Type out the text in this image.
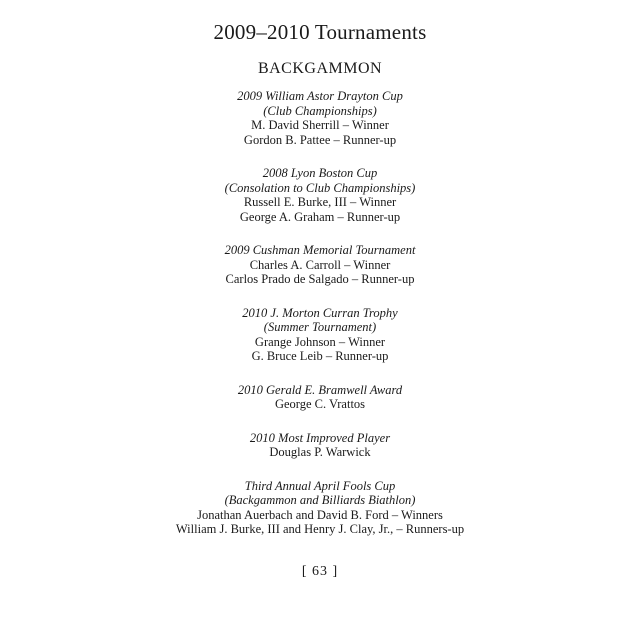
2009–2010 Tournaments
BACKGAMMON
2009 William Astor Drayton Cup
(Club Championships)
M. David Sherrill – Winner
Gordon B. Pattee – Runner-up
2008 Lyon Boston Cup
(Consolation to Club Championships)
Russell E. Burke, III – Winner
George A. Graham – Runner-up
2009 Cushman Memorial Tournament
Charles A. Carroll – Winner
Carlos Prado de Salgado – Runner-up
2010 J. Morton Curran Trophy
(Summer Tournament)
Grange Johnson – Winner
G. Bruce Leib – Runner-up
2010 Gerald E. Bramwell Award
George C. Vrattos
2010 Most Improved Player
Douglas P. Warwick
Third Annual April Fools Cup
(Backgammon and Billiards Biathlon)
Jonathan Auerbach and David B. Ford – Winners
William J. Burke, III and Henry J. Clay, Jr., – Runners-up
[ 63 ]
